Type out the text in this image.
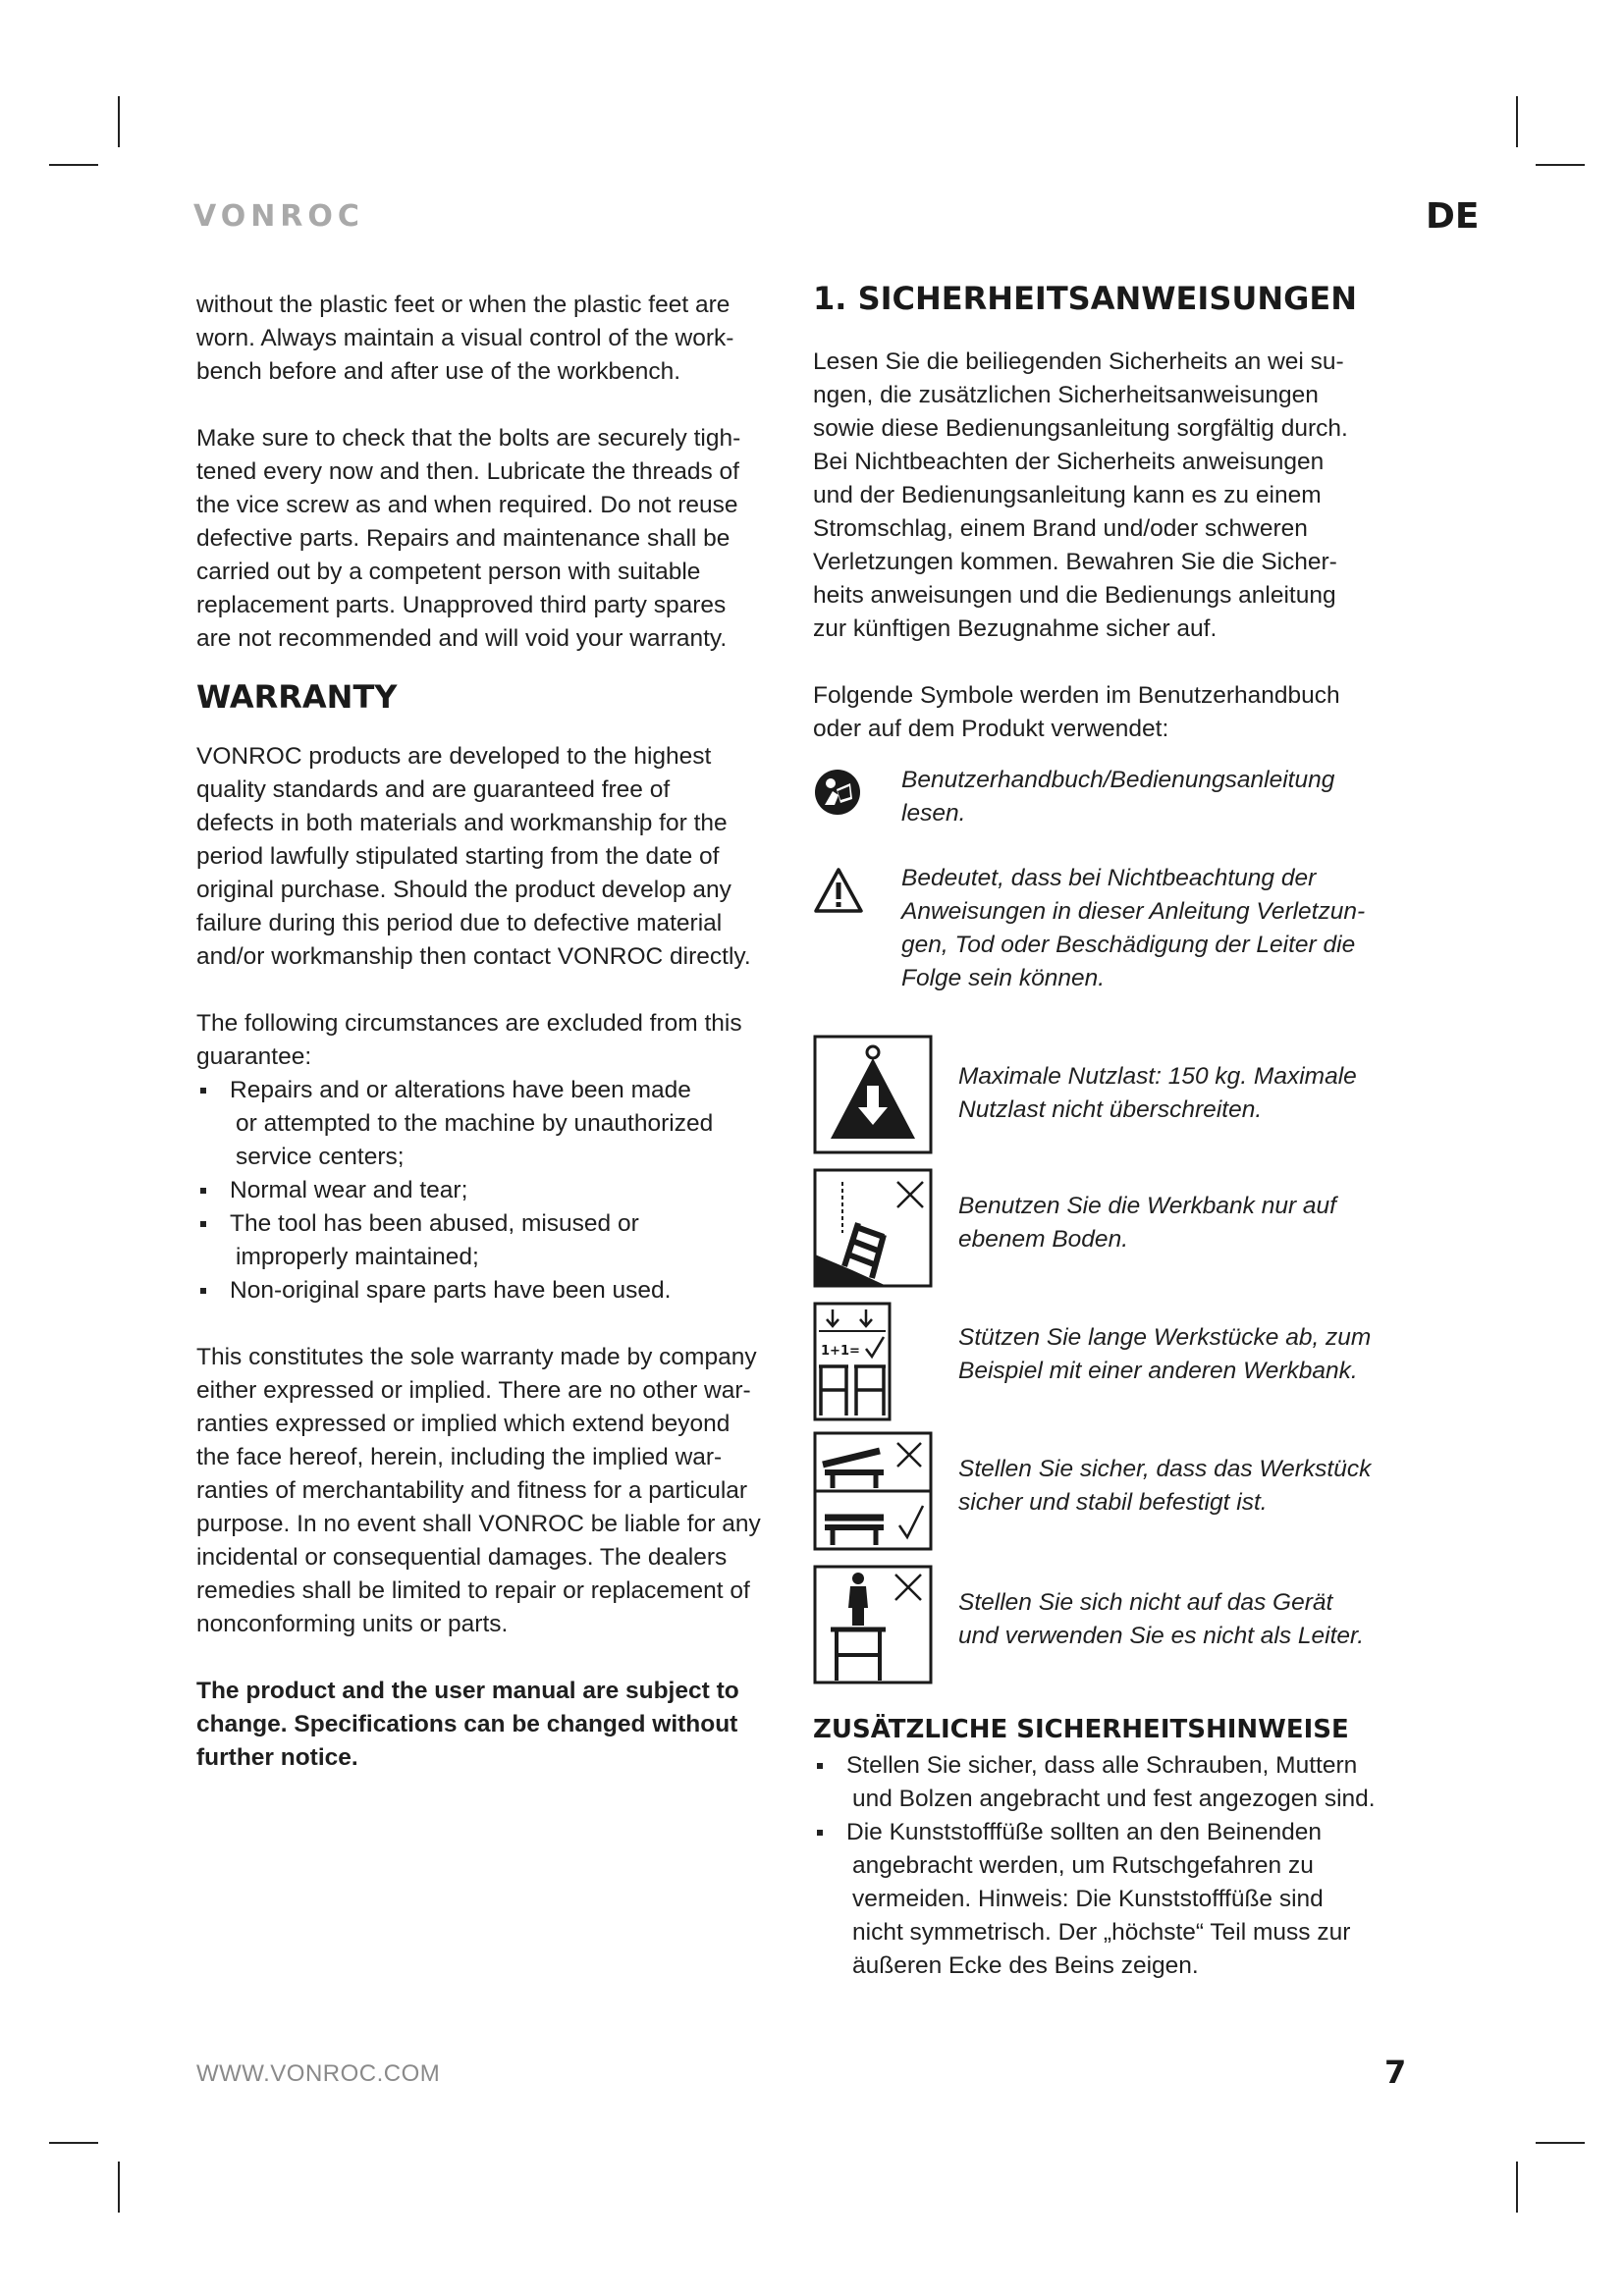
VONROC	DE

without the plastic feet or when the plastic feet are
worn. Always maintain a visual control of the work-
bench before and after use of the workbench.

Make sure to check that the bolts are securely tigh-
tened every now and then. Lubricate the threads of
the vice screw as and when required. Do not reuse
defective parts. Repairs and maintenance shall be
carried out by a competent person with suitable
replacement parts. Unapproved third party spares
are not recommended and will void your warranty.

WARRANTY

VONROC products are developed to the highest
quality standards and are guaranteed free of
defects in both materials and workmanship for the
period lawfully stipulated starting from the date of
original purchase. Should the product develop any
failure during this period due to defective material
and/or workmanship then contact VONROC directly.

The following circumstances are excluded from this
guarantee:

Repairs and or alterations have been made
or attempted to the machine by unauthorized
service centers;
Normal wear and tear;
The tool has been abused, misused or
improperly maintained;
Non-original spare parts have been used.

This constitutes the sole warranty made by company
either expressed or implied. There are no other war-
ranties expressed or implied which extend beyond
the face hereof, herein, including the implied war-
ranties of merchantability and fitness for a particular
purpose. In no event shall VONROC be liable for any
incidental or consequential damages. The dealers
remedies shall be limited to repair or replacement of
nonconforming units or parts.

The product and the user manual are subject to
change. Specifications can be changed without
further notice.

1. SICHERHEITSANWEISUNGEN

Lesen Sie die beiliegenden Sicherheits an wei su-
ngen, die zusätzlichen Sicherheitsanweisungen
sowie diese Bedienungsanleitung sorgfältig durch.
Bei Nichtbeachten der Sicherheits anweisungen
und der Bedienungsanleitung kann es zu einem
Stromschlag, einem Brand und/oder schweren
Verletzungen kommen. Bewahren Sie die Sicher-
heits anweisungen und die Bedienungs anleitung
zur künftigen Bezugnahme sicher auf.

Folgende Symbole werden im Benutzerhandbuch
oder auf dem Produkt verwendet:

Benutzerhandbuch/Bedienungsanleitung
lesen.
Bedeutet, dass bei Nichtbeachtung der
Anweisungen in dieser Anleitung Verletzun-
gen, Tod oder Beschädigung der Leiter die
Folge sein können.
Maximale Nutzlast: 150 kg. Maximale
Nutzlast nicht überschreiten.
Benutzen Sie die Werkbank nur auf
ebenem Boden.
1+1=
Stützen Sie lange Werkstücke ab, zum
Beispiel mit einer anderen Werkbank.
Stellen Sie sicher, dass das Werkstück
sicher und stabil befestigt ist.
Stellen Sie sich nicht auf das Gerät
und verwenden Sie es nicht als Leiter.
ZUSÄTZLICHE SICHERHEITSHINWEISE
Stellen Sie sicher, dass alle Schrauben, Muttern
und Bolzen angebracht und fest angezogen sind.
Die Kunststofffüße sollten an den Beinenden
angebracht werden, um Rutschgefahren zu
vermeiden. Hinweis: Die Kunststofffüße sind
nicht symmetrisch. Der „höchste“ Teil muss zur
äußeren Ecke des Beins zeigen.
WWW.VONROC.COM	7
